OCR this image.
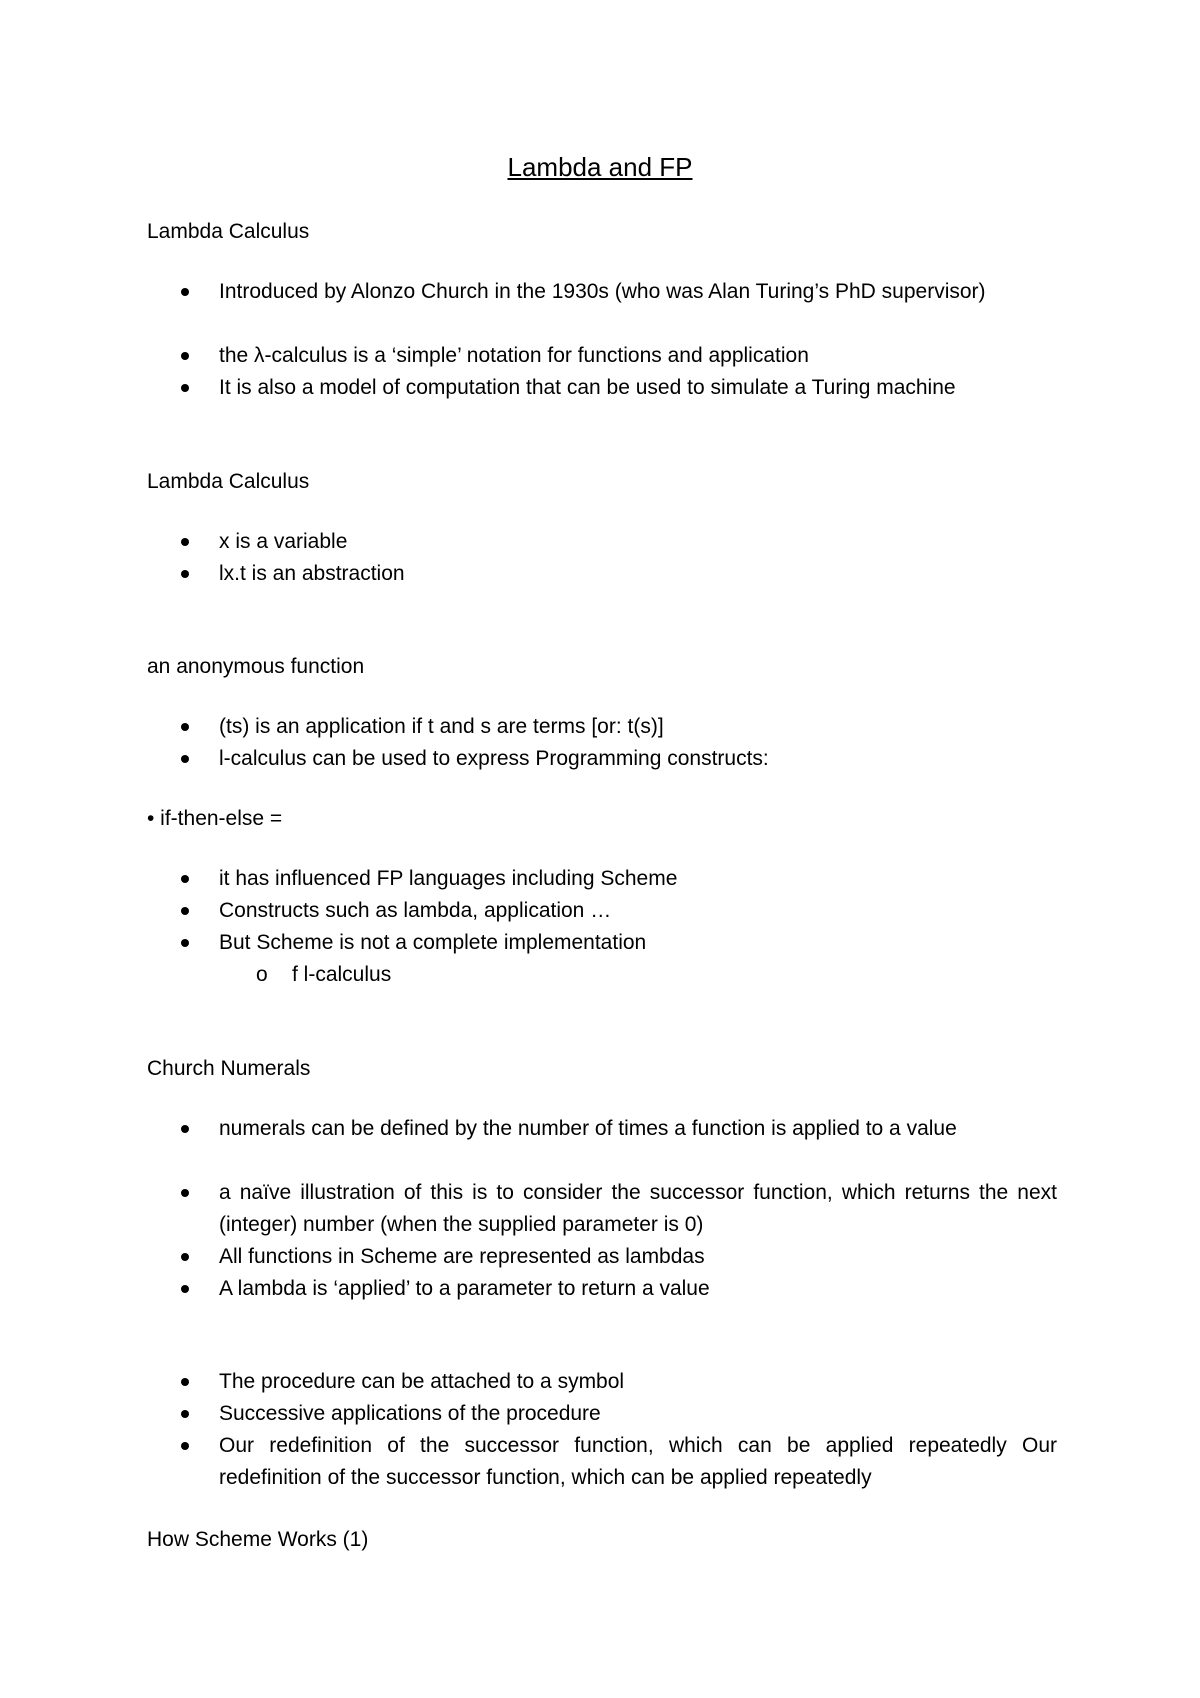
Lambda and FP

Lambda Calculus

Introduced by Alonzo Church in the 1930s (who was Alan Turing’s PhD supervisor)
the λ-calculus is a ‘simple’ notation for functions and application
It is also a model of computation that can be used to simulate a Turing machine

Lambda Calculus

x is a variable
lx.t is an abstraction

an anonymous function

(ts) is an application if t and s are terms [or: t(s)]
l-calculus can be used to express Programming constructs:

• if-then-else =

it has influenced FP languages including Scheme
Constructs such as lambda, application …
But Scheme is not a complete implementation
o f l-calculus

Church Numerals

numerals can be defined by the number of times a function is applied to a value
a naïve illustration of this is to consider the successor function, which returns the next (integer) number (when the supplied parameter is 0)
All functions in Scheme are represented as lambdas
A lambda is ‘applied’ to a parameter to return a value
The procedure can be attached to a symbol
Successive applications of the procedure
Our redefinition of the successor function, which can be applied repeatedly Our redefinition of the successor function, which can be applied repeatedly

How Scheme Works (1)
